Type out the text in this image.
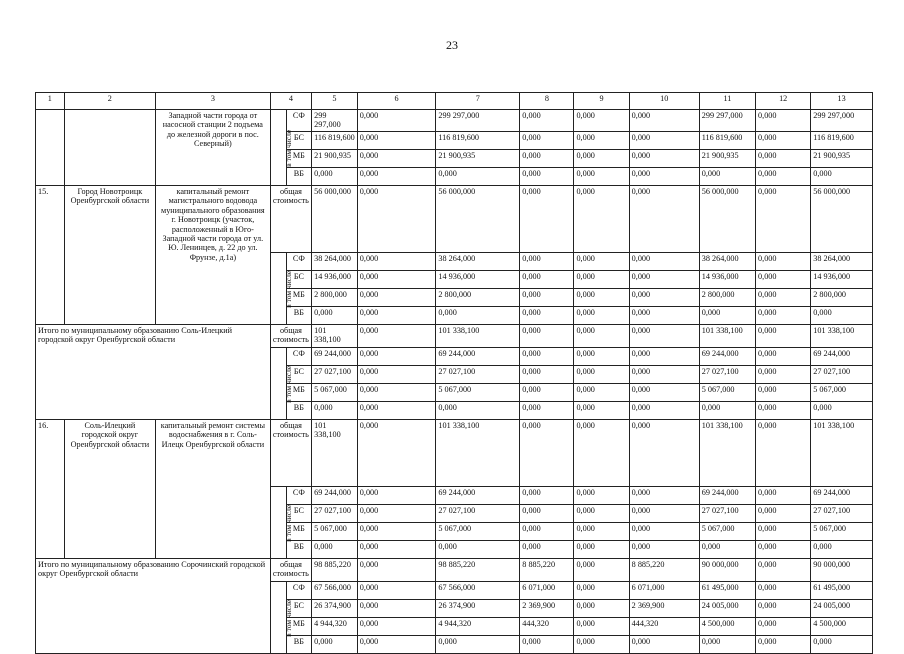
23
1	2	3	4		5	6	7	8	9	10	11	12	13
		Западной части города от насосной станции 2 подъема до железной дороги в пос. Северный)	в том числе	СФ	299 297,000	0,000	299 297,000	0,000	0,000	0,000	299 297,000	0,000	299 297,000
				БС	116 819,600	0,000	116 819,600	0,000	0,000	0,000	116 819,600	0,000	116 819,600
				МБ	21 900,935	0,000	21 900,935	0,000	0,000	0,000	21 900,935	0,000	21 900,935
				ВБ	0,000	0,000	0,000	0,000	0,000	0,000	0,000	0,000	0,000
15.	Город Новотроицк Оренбургской области	капитальный ремонт магистрального водовода муниципального образования г. Новотроицк (участок, расположенный в Юго-Западной части города от ул. Ю. Ленинцев, д. 22 до ул. Фрунзе, д.1а)	общая стоимость		56 000,000	0,000	56 000,000	0,000	0,000	0,000	56 000,000	0,000	56 000,000
			в том числе	СФ	38 264,000	0,000	38 264,000	0,000	0,000	0,000	38 264,000	0,000	38 264,000
				БС	14 936,000	0,000	14 936,000	0,000	0,000	0,000	14 936,000	0,000	14 936,000
				МБ	2 800,000	0,000	2 800,000	0,000	0,000	0,000	2 800,000	0,000	2 800,000
				ВБ	0,000	0,000	0,000	0,000	0,000	0,000	0,000	0,000	0,000
Итого по муниципальному образованию Соль-Илецкий городской округ Оренбургской области			общая стоимость		101 338,100	0,000	101 338,100	0,000	0,000	0,000	101 338,100	0,000	101 338,100
			в том числе	СФ	69 244,000	0,000	69 244,000	0,000	0,000	0,000	69 244,000	0,000	69 244,000
				БС	27 027,100	0,000	27 027,100	0,000	0,000	0,000	27 027,100	0,000	27 027,100
				МБ	5 067,000	0,000	5 067,000	0,000	0,000	0,000	5 067,000	0,000	5 067,000
				ВБ	0,000	0,000	0,000	0,000	0,000	0,000	0,000	0,000	0,000
16.	Соль-Илецкий городской округ Оренбургской области	капитальный ремонт системы водоснабжения в г. Соль-Илецк Оренбургской области	общая стоимость		101 338,100	0,000	101 338,100	0,000	0,000	0,000	101 338,100	0,000	101 338,100
			в том числе	СФ	69 244,000	0,000	69 244,000	0,000	0,000	0,000	69 244,000	0,000	69 244,000
				БС	27 027,100	0,000	27 027,100	0,000	0,000	0,000	27 027,100	0,000	27 027,100
				МБ	5 067,000	0,000	5 067,000	0,000	0,000	0,000	5 067,000	0,000	5 067,000
				ВБ	0,000	0,000	0,000	0,000	0,000	0,000	0,000	0,000	0,000
Итого по муниципальному образованию Сорочинский городской округ Оренбургской области			общая стоимость		98 885,220	0,000	98 885,220	8 885,220	0,000	8 885,220	90 000,000	0,000	90 000,000
			в том числе	СФ	67 566,000	0,000	67 566,000	6 071,000	0,000	6 071,000	61 495,000	0,000	61 495,000
				БС	26 374,900	0,000	26 374,900	2 369,900	0,000	2 369,900	24 005,000	0,000	24 005,000
				МБ	4 944,320	0,000	4 944,320	444,320	0,000	444,320	4 500,000	0,000	4 500,000
				ВБ	0,000	0,000	0,000	0,000	0,000	0,000	0,000	0,000	0,000
